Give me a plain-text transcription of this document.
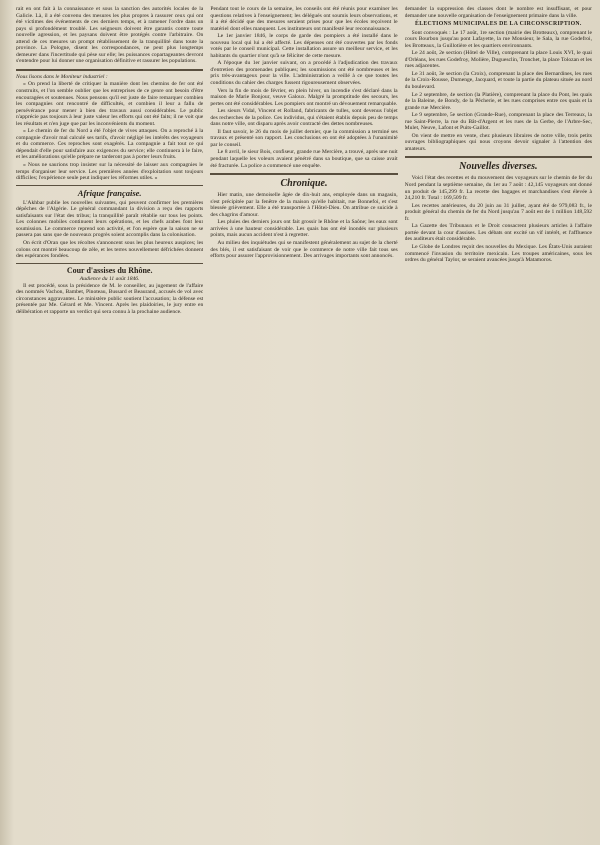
rait en ont fait à la connaissance et sous la sanction des autorités locales de la Galicie. Là, il a été convenu des mesures les plus propres à rassurer ceux qui ont été victimes des événements de ces derniers temps, et à ramener l'ordre dans un pays si profondément troublé. Les seigneurs doivent être garantis contre toute nouvelle agression, et les paysans doivent être protégés contre l'arbitraire. On attend de ces mesures un prompt rétablissement de la tranquillité dans toute la province. La Pologne, disent les correspondances, ne peut plus longtemps demeurer dans l'incertitude qui pèse sur elle; les puissances copartageantes devront s'entendre pour lui donner une organisation définitive et rassurer les populations.

Nous lisons dans le Moniteur industriel :

« On prend la liberté de critiquer la manière dont les chemins de fer ont été construits, et l'on semble oublier que les entreprises de ce genre ont besoin d'être encouragées et soutenues. Nous pensons qu'il est juste de faire remarquer combien les compagnies ont rencontré de difficultés, et combien il leur a fallu de persévérance pour mener à bien des travaux aussi considérables. Le public n'apprécie pas toujours à leur juste valeur les efforts qui ont été faits; il ne voit que les résultats et n'en juge que par les inconvénients du moment.

« Le chemin de fer du Nord a été l'objet de vives attaques. On a reproché à la compagnie d'avoir mal calculé ses tarifs, d'avoir négligé les intérêts des voyageurs et du commerce. Ces reproches sont exagérés. La compagnie a fait tout ce qui dépendait d'elle pour satisfaire aux exigences du service; elle continuera à le faire, et les améliorations qu'elle prépare ne tarderont pas à porter leurs fruits.

« Nous ne saurions trop insister sur la nécessité de laisser aux compagnies le temps d'organiser leur service. Les premières années d'exploitation sont toujours difficiles; l'expérience seule peut indiquer les réformes utiles. »

Afrique française.

L'Akhbar publie les nouvelles suivantes, qui peuvent confirmer les premières dépêches de l'Algérie. Le général commandant la division a reçu des rapports satisfaisants sur l'état des tribus; la tranquillité paraît rétablie sur tous les points. Les colonnes mobiles continuent leurs opérations, et les chefs arabes font leur soumission. Le commerce reprend son activité, et l'on espère que la saison ne se passera pas sans que de nouveaux progrès soient accomplis dans la colonisation.

On écrit d'Oran que les récoltes s'annoncent sous les plus heureux auspices; les colons ont montré beaucoup de zèle, et les terres nouvellement défrichées donnent des espérances fondées.

Cour d'assises du Rhône.
Audience du 11 août 1846.

Il est procédé, sous la présidence de M. le conseiller, au jugement de l'affaire des nommés Vachon, Bambet, Pinoteau, Bussard et Beaurand, accusés de vol avec circonstances aggravantes. Le ministère public soutient l'accusation; la défense est présentée par Me. Gérard et Me. Vincent. Après les plaidoiries, le jury entre en délibération et rapporte un verdict qui sera connu à la prochaine audience.

Pendant tout le cours de la semaine, les conseils ont été réunis pour examiner les questions relatives à l'enseignement; les délégués ont soumis leurs observations, et il a été décidé que des mesures seraient prises pour que les écoles reçoivent le matériel dont elles manquent. Les instituteurs ont manifesté leur reconnaissance.

Le 1er janvier 1846, le corps de garde des pompiers a été installé dans le nouveau local qui lui a été affecté. Les dépenses ont été couvertes par les fonds votés par le conseil municipal. Cette installation assure un meilleur service, et les habitants du quartier n'ont qu'à se féliciter de cette mesure.

A l'époque du 1er janvier suivant, on a procédé à l'adjudication des travaux d'entretien des promenades publiques; les soumissions ont été nombreuses et les prix très-avantageux pour la ville. L'administration a veillé à ce que toutes les conditions du cahier des charges fussent rigoureusement observées.

Vers la fin de mois de février, en plein hiver, un incendie s'est déclaré dans la maison de Marie Bonjour, veuve Galoux. Malgré la promptitude des secours, les pertes ont été considérables. Les pompiers ont montré un dévouement remarquable.

Les sieurs Vidal, Vincent et Rolland, fabricants de tulles, sont devenus l'objet des recherches de la police. Ces individus, qui s'étaient établis depuis peu de temps dans notre ville, ont disparu après avoir contracté des dettes nombreuses.

Il faut savoir, le 26 du mois de juillet dernier, que la commission a terminé ses travaux et présenté son rapport. Les conclusions en ont été adoptées à l'unanimité par le conseil.

Le 8 avril, le sieur Bois, confiseur, grande rue Mercière, a trouvé, après une nuit pendant laquelle les voleurs avaient pénétré dans sa boutique, que sa caisse avait été fracturée. La police a commencé une enquête.

Chronique.

Hier matin, une demoiselle âgée de dix-huit ans, employée dans un magasin, s'est précipitée par la fenêtre de la maison qu'elle habitait, rue Bonnefoi, et s'est blessée grièvement. Elle a été transportée à l'Hôtel-Dieu. On attribue ce suicide à des chagrins d'amour.

Les pluies des derniers jours ont fait grossir le Rhône et la Saône; les eaux sont arrivées à une hauteur considérable. Les quais bas ont été inondés sur plusieurs points, mais aucun accident n'est à regretter.

Au milieu des inquiétudes qui se manifestent généralement au sujet de la cherté des blés, il est satisfaisant de voir que le commerce de notre ville fait tous ses efforts pour assurer l'approvisionnement. Des arrivages importants sont annoncés.

demander la suppression des classes dont le nombre est insuffisant, et pour demander une nouvelle organisation de l'enseignement primaire dans la ville.

ÉLECTIONS MUNICIPALES DE LA CIRCONSCRIPTION.

Sont convoqués : Le 17 août, 1re section (mairie des Brotteaux), comprenant le cours Bourbon jusqu'au pont Lafayette, la rue Monsieur, le Sala, la rue Godefroi, les Brotteaux, la Guillotière et les quartiers environnants.

Le 24 août, 2e section (Hôtel de Ville), comprenant la place Louis XVI, le quai d'Orléans, les rues Godefroy, Molière, Duguesclin, Tronchet, la place Tolozan et les rues adjacentes.

Le 31 août, 3e section (la Croix), comprenant la place des Bernardines, les rues de la Croix-Rousse, Dumenge, Jacquard, et toute la partie du plateau située au nord du boulevard.

Le 2 septembre, 4e section (la Platière), comprenant la place du Pont, les quais de la Baleine, de Bondy, de la Pêcherie, et les rues comprises entre ces quais et la grande rue Mercière.

Le 9 septembre, 5e section (Grande-Rue), comprenant la place des Terreaux, la rue Saint-Pierre, la rue du Bât-d'Argent et les rues de la Gerbe, de l'Arbre-Sec, Mulet, Neuve, Lafont et Puits-Gaillot.

On vient de mettre en vente, chez plusieurs libraires de notre ville, trois petits ouvrages bibliographiques qui nous croyons devoir signaler à l'attention des amateurs.

Nouvelles diverses.

Voici l'état des recettes et du mouvement des voyageurs sur le chemin de fer du Nord pendant la septième semaine, du 1er au 7 août : 42,145 voyageurs ont donné un produit de 145,299 fr. La recette des bagages et marchandises s'est élevée à 24,210 fr. Total : 169,509 fr.

Les recettes antérieures, du 20 juin au 31 juillet, ayant été de 979,083 fr., le produit général du chemin de fer du Nord jusqu'au 7 août est de 1 million 148,592 fr.

La Gazette des Tribunaux et le Droit consacrent plusieurs articles à l'affaire portée devant la cour d'assises. Les débats ont excité un vif intérêt, et l'affluence des auditeurs était considérable.

Le Globe de Londres reçoit des nouvelles du Mexique. Les États-Unis auraient commencé l'invasion du territoire mexicain. Les troupes américaines, sous les ordres du général Taylor, se seraient avancées jusqu'à Matamoros.
